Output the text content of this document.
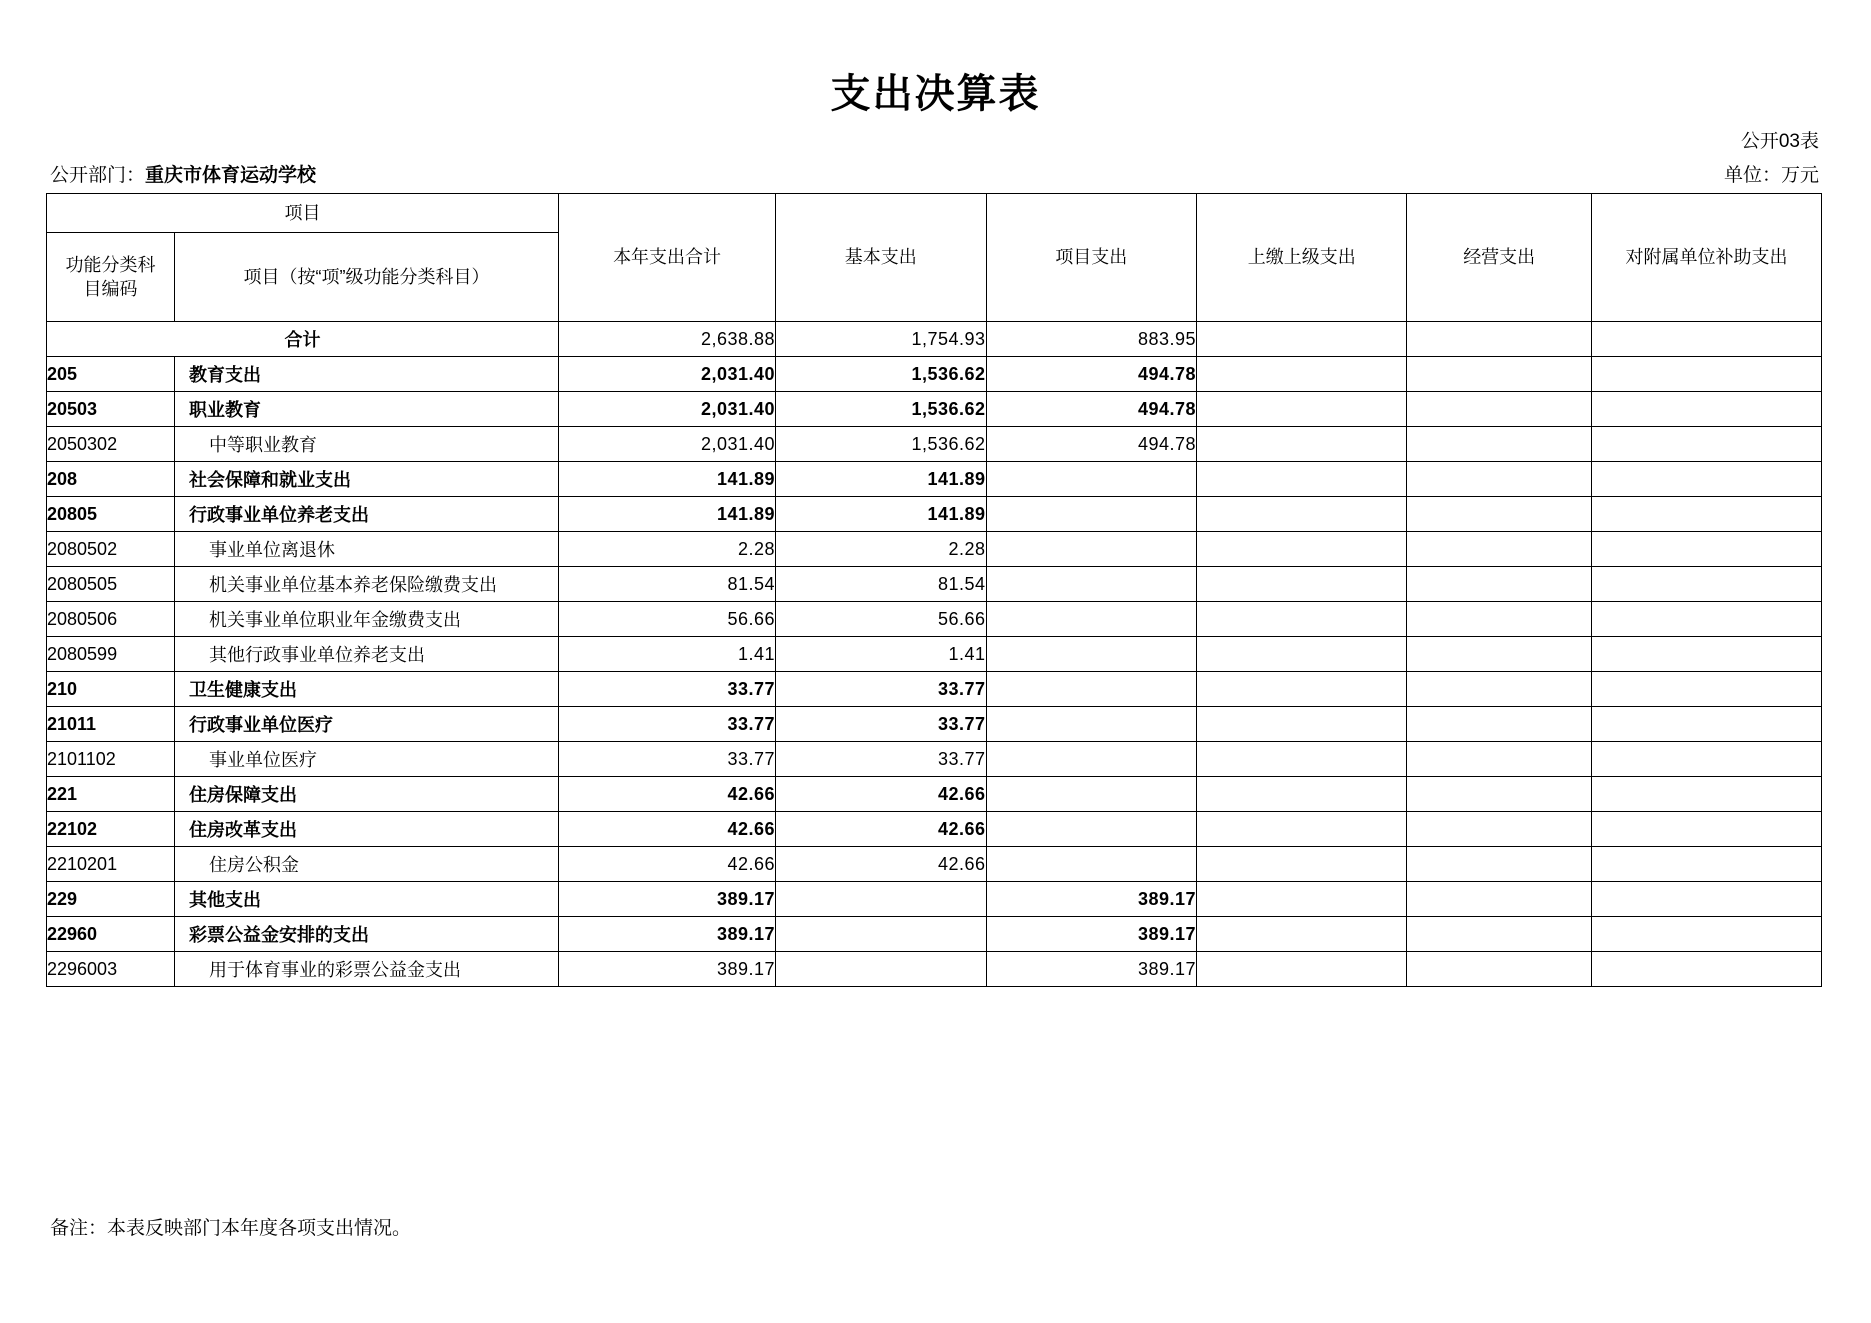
支出决算表
公开03表
公开部门：重庆市体育运动学校	单位：万元
项目		本年支出合计	基本支出	项目支出	上缴上级支出	经营支出	对附属单位补助支出

功能分类科
目编码	项目（按“项”级功能分类科目）						
合计		2,638.88	1,754.93	883.95			
205	教育支出	2,031.40	1,536.62	494.78			
20503	职业教育	2,031.40	1,536.62	494.78			
2050302	中等职业教育	2,031.40	1,536.62	494.78			
208	社会保障和就业支出	141.89	141.89				
20805	行政事业单位养老支出	141.89	141.89				
2080502	事业单位离退休	2.28	2.28				
2080505	机关事业单位基本养老保险缴费支出	81.54	81.54				
2080506	机关事业单位职业年金缴费支出	56.66	56.66				
2080599	其他行政事业单位养老支出	1.41	1.41				
210	卫生健康支出	33.77	33.77				
21011	行政事业单位医疗	33.77	33.77				
2101102	事业单位医疗	33.77	33.77				
221	住房保障支出	42.66	42.66				
22102	住房改革支出	42.66	42.66				
2210201	住房公积金	42.66	42.66				
229	其他支出	389.17		389.17			
22960	彩票公益金安排的支出	389.17		389.17			
2296003	用于体育事业的彩票公益金支出	389.17		389.17			
备注：本表反映部门本年度各项支出情况。
